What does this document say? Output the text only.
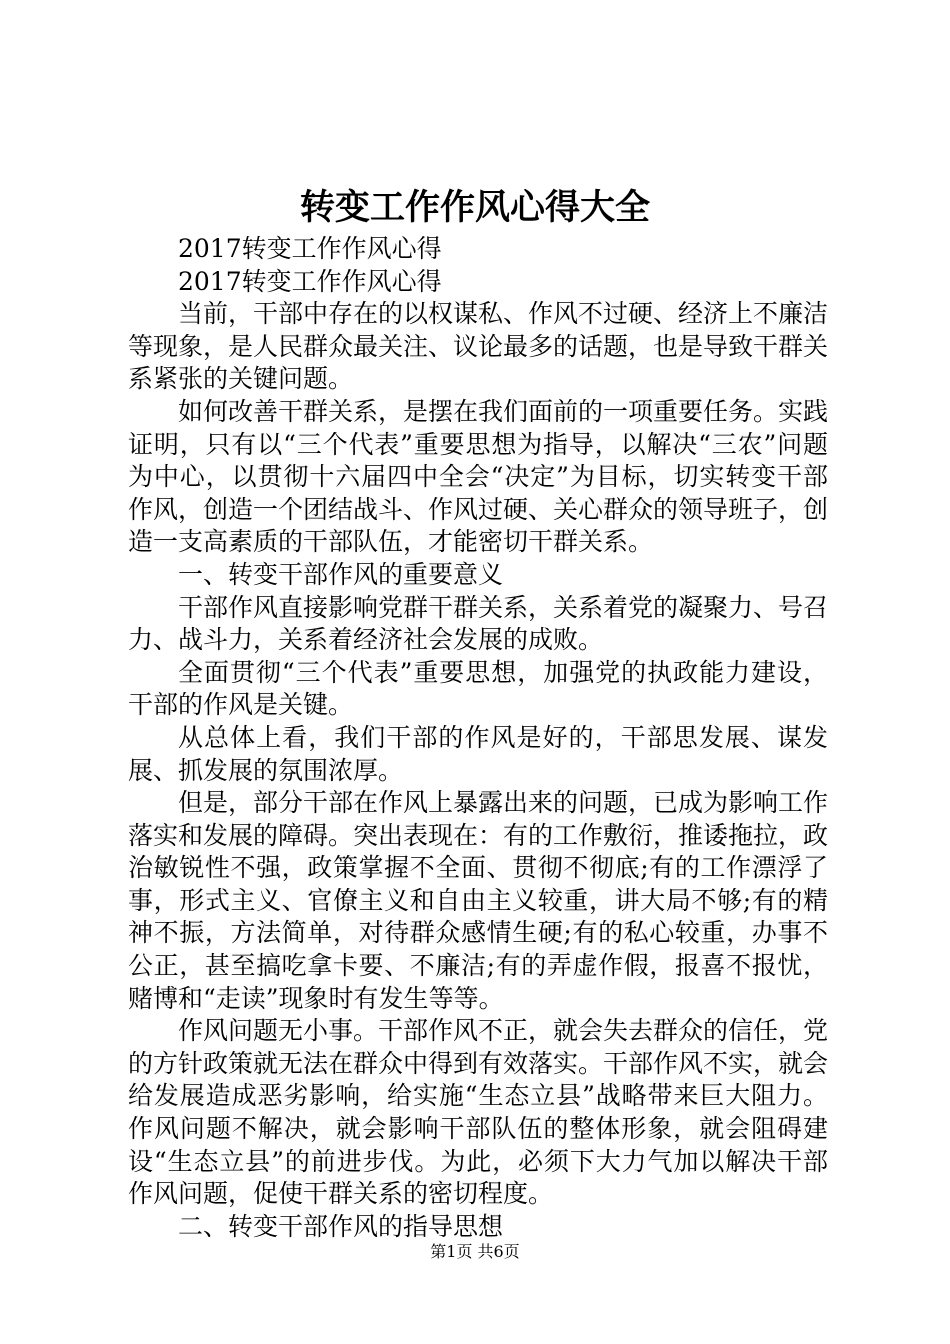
转变工作作风心得大全

2017转变工作作风心得

2017转变工作作风心得

当前，干部中存在的以权谋私、作风不过硬、经济上不廉洁等现象，是人民群众最关注、议论最多的话题，也是导致干群关系紧张的关键问题。

如何改善干群关系，是摆在我们面前的一项重要任务。实践证明，只有以“三个代表”重要思想为指导，以解决“三农”问题为中心，以贯彻十六届四中全会“决定”为目标，切实转变干部作风，创造一个团结战斗、作风过硬、关心群众的领导班子，创造一支高素质的干部队伍，才能密切干群关系。

一、转变干部作风的重要意义

干部作风直接影响党群干群关系，关系着党的凝聚力、号召力、战斗力，关系着经济社会发展的成败。

全面贯彻“三个代表”重要思想，加强党的执政能力建设，干部的作风是关键。

从总体上看，我们干部的作风是好的，干部思发展、谋发展、抓发展的氛围浓厚。

但是，部分干部在作风上暴露出来的问题，已成为影响工作落实和发展的障碍。突出表现在：有的工作敷衍，推诿拖拉，政治敏锐性不强，政策掌握不全面、贯彻不彻底;有的工作漂浮了事，形式主义、官僚主义和自由主义较重，讲大局不够;有的精神不振，方法简单，对待群众感情生硬;有的私心较重，办事不公正，甚至搞吃拿卡要、不廉洁;有的弄虚作假，报喜不报忧，赌博和“走读”现象时有发生等等。

作风问题无小事。干部作风不正，就会失去群众的信任，党的方针政策就无法在群众中得到有效落实。干部作风不实，就会给发展造成恶劣影响，给实施“生态立县”战略带来巨大阻力。作风问题不解决，就会影响干部队伍的整体形象，就会阻碍建设“生态立县”的前进步伐。为此，必须下大力气加以解决干部作风问题，促使干群关系的密切程度。

二、转变干部作风的指导思想

第1页 共6页
